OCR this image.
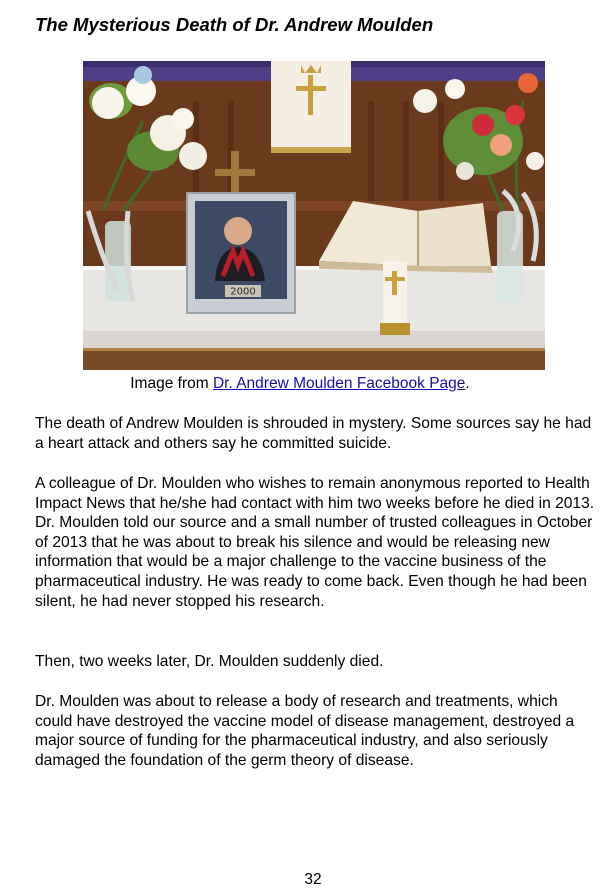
The Mysterious Death of Dr. Andrew Moulden
2000
Image from Dr. Andrew Moulden Facebook Page.

The death of Andrew Moulden is shrouded in mystery. Some sources say he had a heart attack and others say he committed suicide.

A colleague of Dr. Moulden who wishes to remain anonymous reported to Health Impact News that he/she had contact with him two weeks before he died in 2013. Dr. Moulden told our source and a small number of trusted colleagues in October of 2013 that he was about to break his silence and would be releasing new information that would be a major challenge to the vaccine business of the pharmaceutical industry. He was ready to come back. Even though he had been silent, he had never stopped his research.

Then, two weeks later, Dr. Moulden suddenly died.

Dr. Moulden was about to release a body of research and treatments, which could have destroyed the vaccine model of disease management, destroyed a major source of funding for the pharmaceutical industry, and also seriously damaged the foundation of the germ theory of disease.

32
